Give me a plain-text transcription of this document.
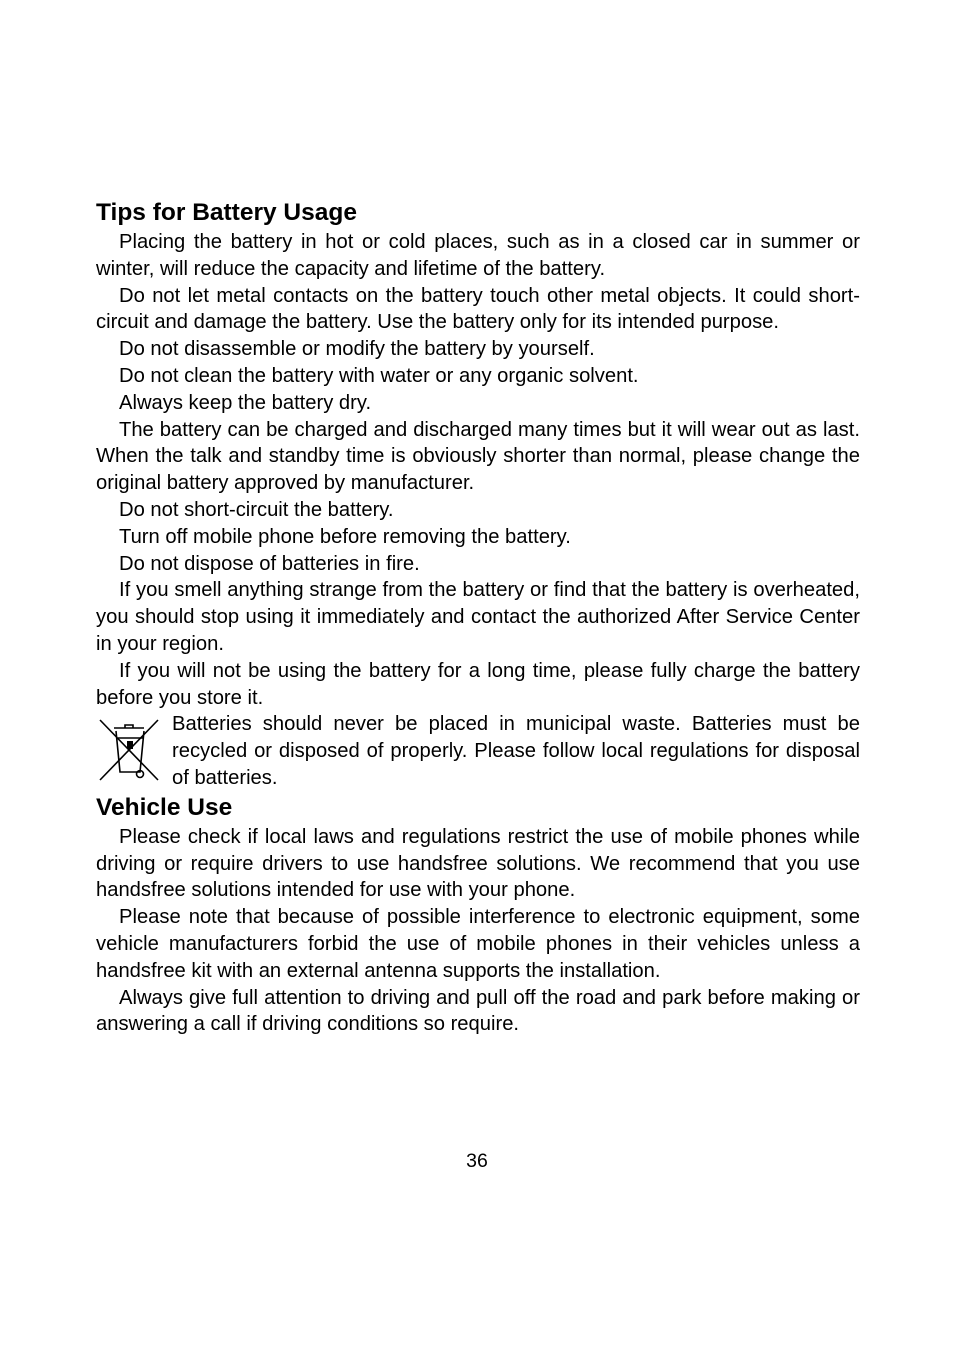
Tips for Battery Usage

Placing the battery in hot or cold places, such as in a closed car in summer or winter, will reduce the capacity and lifetime of the battery.

Do not let metal contacts on the battery touch other metal objects. It could short-circuit and damage the battery. Use the battery only for its intended purpose.

Do not disassemble or modify the battery by yourself.

Do not clean the battery with water or any organic solvent.

Always keep the battery dry.

The battery can be charged and discharged many times but it will wear out as last. When the talk and standby time is obviously shorter than normal, please change the original battery approved by manufacturer.

Do not short-circuit the battery.

Turn off mobile phone before removing the battery.

Do not dispose of batteries in fire.

If you smell anything strange from the battery or find that the battery is overheated, you should stop using it immediately and contact the authorized After Service Center in your region.

If you will not be using the battery for a long time, please fully charge the battery before you store it.

Batteries should never be placed in municipal waste. Batteries must be recycled or disposed of properly. Please follow local regulations for disposal of batteries.
Vehicle Use

Please check if local laws and regulations restrict the use of mobile phones while driving or require drivers to use handsfree solutions. We recommend that you use handsfree solutions intended for use with your phone.

Please note that because of possible interference to electronic equipment, some vehicle manufacturers forbid the use of mobile phones in their vehicles unless a handsfree kit with an external antenna supports the installation.

Always give full attention to driving and pull off the road and park before making or answering a call if driving conditions so require.

36
